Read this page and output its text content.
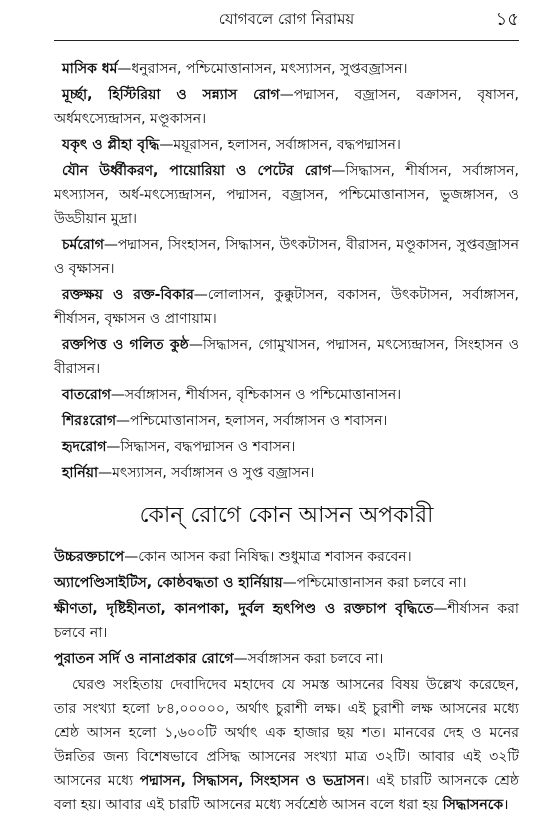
যোগবলে রোগ নিরাময়	১৫

মাসিক ধর্ম—ধনুরাসন, পশ্চিমোত্তানাসন, মৎস্যাসন, সুপ্তবজ্রাসন।

মূর্চ্ছা, হিস্টিরিয়া ও সন্ন্যাস রোগ—পদ্মাসন, বজ্রাসন, বক্রাসন, বৃষাসন, অর্ধমৎস্যেন্দ্রাসন, মণ্ডূকাসন।

যকৃৎ ও প্লীহা বৃদ্ধি—ময়ূরাসন, হলাসন, সর্বাঙ্গাসন, বদ্ধপদ্মাসন।

যৌন উর্ধ্বীকরণ, পায়োরিয়া ও পেটের রোগ—সিদ্ধাসন, শীর্ষাসন, সর্বাঙ্গাসন, মৎস্যাসন, অর্ধ-মৎস্যেন্দ্রাসন, পদ্মাসন, বজ্রাসন, পশ্চিমোত্তানাসন, ভুজঙ্গাসন, ও উড্ডীয়ান মুদ্রা।

চর্মরোগ—পদ্মাসন, সিংহাসন, সিদ্ধাসন, উৎকটাসন, বীরাসন, মণ্ডূকাসন, সুপ্তবজ্রাসন ও বৃক্ষাসন।

রক্তক্ষয় ও রক্ত-বিকার—লোলাসন, কুক্কুটাসন, বকাসন, উৎকটাসন, সর্বাঙ্গাসন, শীর্ষাসন, বৃক্ষাসন ও প্রাণায়াম।

রক্তপিত্ত ও গলিত কুষ্ঠ—সিদ্ধাসন, গোমুখাসন, পদ্মাসন, মৎস্যেন্দ্রাসন, সিংহাসন ও বীরাসন।

বাতরোগ—সর্বাঙ্গাসন, শীর্ষাসন, বৃশ্চিকাসন ও পশ্চিমোত্তানাসন।

শিরঃরোগ—পশ্চিমোত্তানাসন, হলাসন, সর্বাঙ্গাসন ও শবাসন।

হৃদরোগ—সিদ্ধাসন, বদ্ধপদ্মাসন ও শবাসন।

হার্নিয়া—মৎস্যাসন, সর্বাঙ্গাসন ও সুপ্ত বজ্রাসন।

কোন্ রোগে কোন আসন অপকারী

উচ্চরক্তচাপে—কোন আসন করা নিষিদ্ধ। শুধুমাত্র শবাসন করবেন।

অ্যাপেণ্ডিসাইটিস, কোষ্ঠবদ্ধতা ও হার্নিয়ায়—পশ্চিমোত্তানাসন করা চলবে না।

ক্ষীণতা, দৃষ্টিহীনতা, কানপাকা, দুর্বল হৃৎপিণ্ড ও রক্তচাপ বৃদ্ধিতে—শীর্ষাসন করা চলবে না।

পুরাতন সর্দি ও নানাপ্রকার রোগে—সর্বাঙ্গাসন করা চলবে না।

ঘেরণ্ড সংহিতায় দেবাদিদেব মহাদেব যে সমস্ত আসনের বিষয় উল্লেখ করেছেন, তার সংখ্যা হলো ৮৪,০০০০০, অর্থাৎ চুরাশী লক্ষ। এই চুরাশী লক্ষ আসনের মধ্যে শ্রেষ্ঠ আসন হলো ১,৬০০টি অর্থাৎ এক হাজার ছয় শত। মানবের দেহ ও মনের উন্নতির জন্য বিশেষভাবে প্রসিদ্ধ আসনের সংখ্যা মাত্র ৩২টি। আবার এই ৩২টি আসনের মধ্যে পদ্মাসন, সিদ্ধাসন, সিংহাসন ও ভদ্রাসন। এই চারটি আসনকে শ্রেষ্ঠ বলা হয়। আবার এই চারটি আসনের মধ্যে সর্বশ্রেষ্ঠ আসন বলে ধরা হয় সিদ্ধাসনকে।
